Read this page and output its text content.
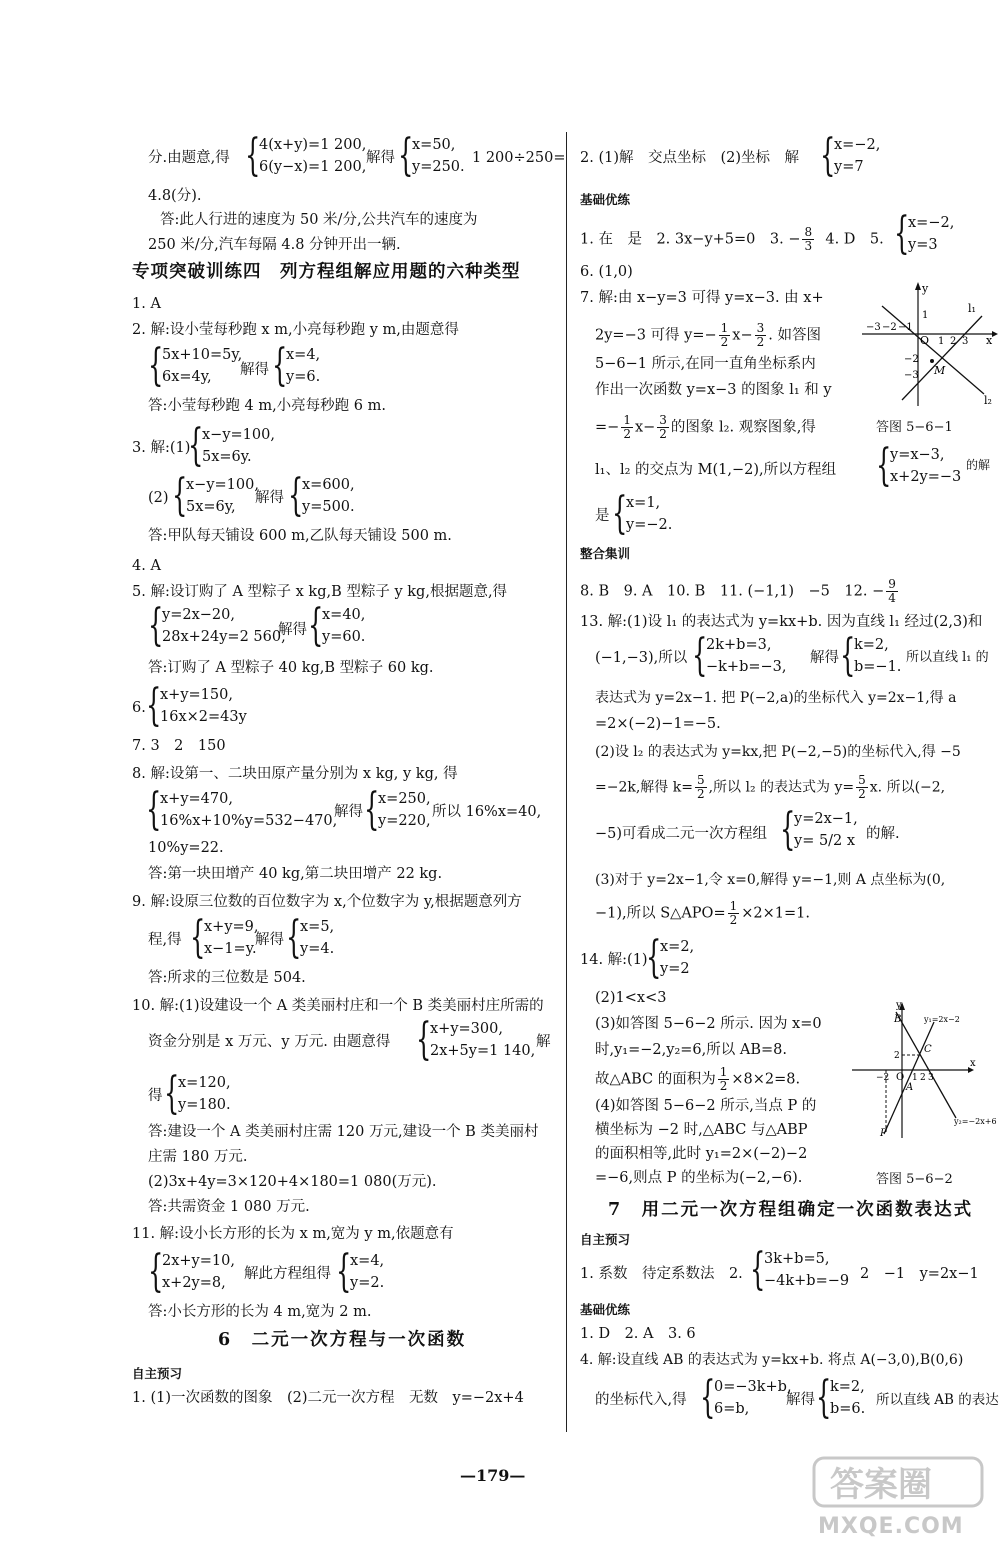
分.由题意,得 {
4(x+y)=1 200,
6(y−x)=1 200,
解得 {
x=50,
y=250.
1 200÷250=
4.8(分).
答:此人行进的速度为 50 米/分,公共汽车的速度为
250 米/分,汽车每隔 4.8 分钟开出一辆.
专项突破训练四　列方程组解应用题的六种类型
1. A
2. 解:设小莹每秒跑 x m,小亮每秒跑 y m,由题意得
{
5x+10=5y,
6x=4y,	解得 {
x=4,
y=6.
答:小莹每秒跑 4 m,小亮每秒跑 6 m.
3. 解:(1)
{
x−y=100,
5x=6y.
(2) {
x−y=100,
5x=6y,
解得 {
x=600,
y=500.
答:甲队每天铺设 600 m,乙队每天铺设 500 m.
4. A
5. 解:设订购了 A 型粽子 x kg,B 型粽子 y kg,根据题意,得
{
y=2x−20,
28x+24y=2 560,
解得 {
x=40,
y=60.
答:订购了 A 型粽子 40 kg,B 型粽子 60 kg.
6. {
x+y=150,
16x×2=43y
7. 3　2　150
8. 解:设第一、二块田原产量分别为 x kg, y kg, 得
{
x+y=470,
16%x+10%y=532−470,
解得 {
x=250,
y=220,
所以 16%x=40,
10%y=22.
答:第一块田增产 40 kg,第二块田增产 22 kg.
9. 解:设原三位数的百位数字为 x,个位数字为 y,根据题意列方
程,得 {
x+y=9,
x−1=y.
解得 {
x=5,
y=4.
答:所求的三位数是 504.
10. 解:(1)设建设一个 A 类美丽村庄和一个 B 类美丽村庄所需的
资金分别是 x 万元、y 万元. 由题意得 {
x+y=300,
2x+5y=1 140,
解
得 {
x=120,
y=180.
答:建设一个 A 类美丽村庄需 120 万元,建设一个 B 类美丽村
庄需 180 万元.
(2)3x+4y=3×120+4×180=1 080(万元).
答:共需资金 1 080 万元.
11. 解:设小长方形的长为 x m,宽为 y m,依题意有
{
2x+y=10,
x+2y=8,
解此方程组得 {
x=4,
y=2.
答:小长方形的长为 4 m,宽为 2 m.
6　二元一次方程与一次函数
自主预习
1. (1)一次函数的图象　(2)二元一次方程　无数　y=−2x+4
2. (1)解　交点坐标　(2)坐标　解 {
x=−2,
y=7
基础优练
1. 在　是　2. 3x−y+5=0　3. − $\frac{8}{3} 4$. D　5. {
x=−2,
y=3
6. (1,0)
7. 解:由 x−y=3 可得 y=x−3. 由 x+
2y=−3 可得 $y=- \frac{1}{2} x- \frac{3}{2}$ . 如答图
5−6−1 所示,在同一直角坐标系内
作出一次函数 y=x−3 的图象 l₁ 和 y
=− $\frac{1}{2} x- \frac{3}{2}$ 的图象 l₂. 观察图象,得
l₁、l₂ 的交点为 M(1,−2),所以方程组 {
y=x−3,
x+2y=−3
的解
是 {
x=1,
y=−2.
y
x
O
M
l₁
l₂
1
−2
−3
1 2 3
−1
−2
−3
答图 5−6−1
整合集训
8. B　9. A　10. B　11. (−1,1)　−5　12. − $\frac{9}{4}$
13. 解:(1)设 l₁ 的表达式为 y=kx+b. 因为直线 l₁ 经过(2,3)和
(−1,−3),所以 {
2k+b=3,
−k+b=−3,
解得 {
k=2,
b=−1.
所以直线 l₁ 的
表达式为 y=2x−1. 把 P(−2,a)的坐标代入 y=2x−1,得 a
=2×(−2)−1=−5.
(2)设 l₂ 的表达式为 y=kx,把 P(−2,−5)的坐标代入,得 −5
=−2k,解得 $k= \frac{5}{2}$ ,所以 l₂ 的表达式为 $y= \frac{5}{2} x$. 所以(−2,
−5)可看成二元一次方程组 {
y=2x−1,
y= 5/2 x 的解.
(3)对于 y=2x−1,令 x=0,解得 y=−1,则 A 点坐标为(0,
−1),所以 S△APO= $\frac{1}{2} \times 2\times 1=1$.
14. 解:(1)
{
x=2,
y=2
(2)1<x<3
(3)如答图 5−6−2 所示. 因为 x=0
时,y₁=−2,y₂=6,所以 AB=8.
故△ABC 的面积为 $\frac{1}{2} \times 8\times 2=8$.
(4)如答图 5−6−2 所示,当点 P 的
横坐标为 −2 时,△ABC 与△ABP
的面积相等,此时 y₁=2×(−2)−2
=−6,则点 P 的坐标为(−2,−6).
y
x
B
C
A
O
P
y₁=2x−2
y₂=−2x+6
−2
2
1 2 3
答图 5−6−2
7　用二元一次方程组确定一次函数表达式
自主预习
1. 系数　待定系数法　2. {
3k+b=5,
−4k+b=−9 2　−1　y=2x−1
基础优练
1. D　2. A　3. 6
4. 解:设直线 AB 的表达式为 y=kx+b. 将点 A(−3,0),B(0,6)
的坐标代入,得 {
0=−3k+b,
6=b,
解得 {
k=2,
b=6.
所以直线 AB 的表达
—179—	答案圈
MXQE.COM
